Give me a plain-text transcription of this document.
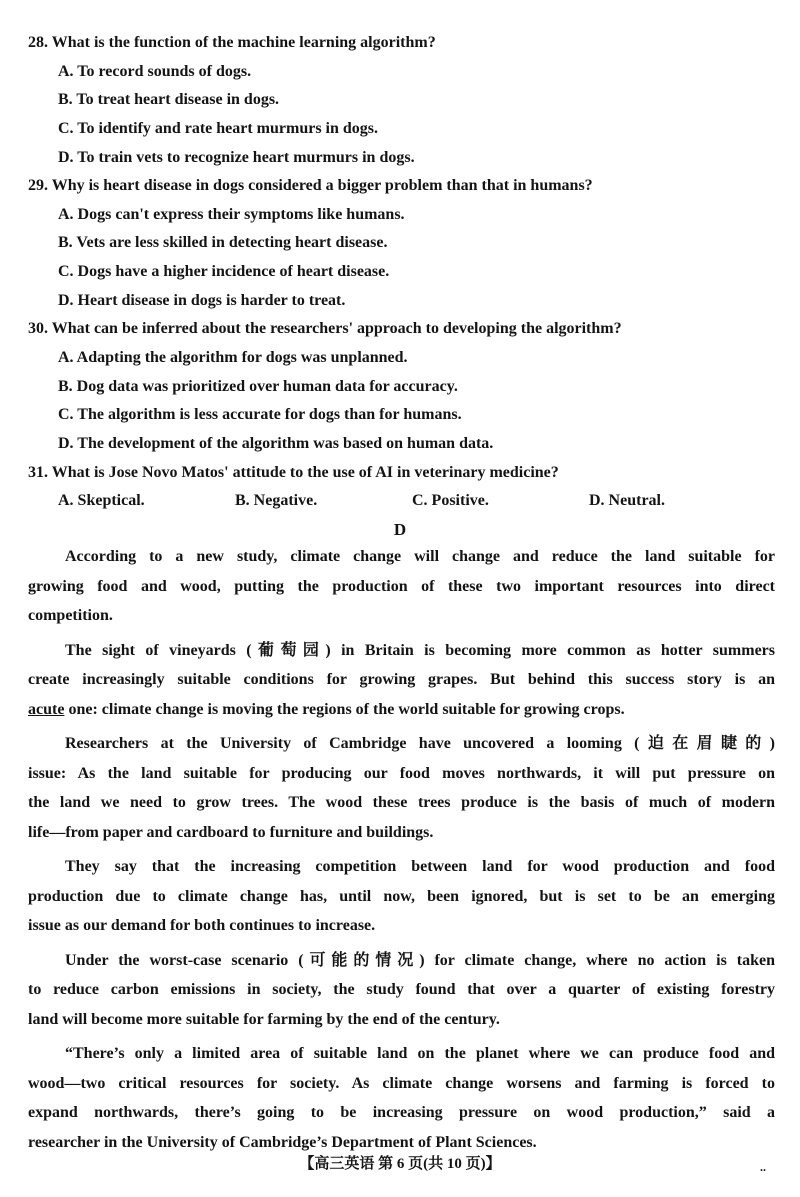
28. What is the function of the machine learning algorithm?
A. To record sounds of dogs.
B. To treat heart disease in dogs.
C. To identify and rate heart murmurs in dogs.
D. To train vets to recognize heart murmurs in dogs.
29. Why is heart disease in dogs considered a bigger problem than that in humans?
A. Dogs can't express their symptoms like humans.
B. Vets are less skilled in detecting heart disease.
C. Dogs have a higher incidence of heart disease.
D. Heart disease in dogs is harder to treat.
30. What can be inferred about the researchers' approach to developing the algorithm?
A. Adapting the algorithm for dogs was unplanned.
B. Dog data was prioritized over human data for accuracy.
C. The algorithm is less accurate for dogs than for humans.
D. The development of the algorithm was based on human data.
31. What is Jose Novo Matos' attitude to the use of AI in veterinary medicine?
A. Skeptical.	B. Negative.	C. Positive.	D. Neutral.
D
According to a new study, climate change will change and reduce the land suitable for
growing food and wood, putting the production of these two important resources into direct
competition.
The sight of vineyards (葡萄园) in Britain is becoming more common as hotter summers
create increasingly suitable conditions for growing grapes. But behind this success story is an
acute one: climate change is moving the regions of the world suitable for growing crops.
Researchers at the University of Cambridge have uncovered a looming (迫在眉睫的)
issue: As the land suitable for producing our food moves northwards, it will put pressure on
the land we need to grow trees. The wood these trees produce is the basis of much of modern
life—from paper and cardboard to furniture and buildings.
They say that the increasing competition between land for wood production and food
production due to climate change has, until now, been ignored, but is set to be an emerging
issue as our demand for both continues to increase.
Under the worst-case scenario (可能的情况) for climate change, where no action is taken
to reduce carbon emissions in society, the study found that over a quarter of existing forestry
land will become more suitable for farming by the end of the century.
“There’s only a limited area of suitable land on the planet where we can produce food and
wood—two critical resources for society. As climate change worsens and farming is forced to
expand northwards, there’s going to be increasing pressure on wood production,” said a
researcher in the University of Cambridge’s Department of Plant Sciences.
【高三英语 第 6 页(共 10 页)】	..
